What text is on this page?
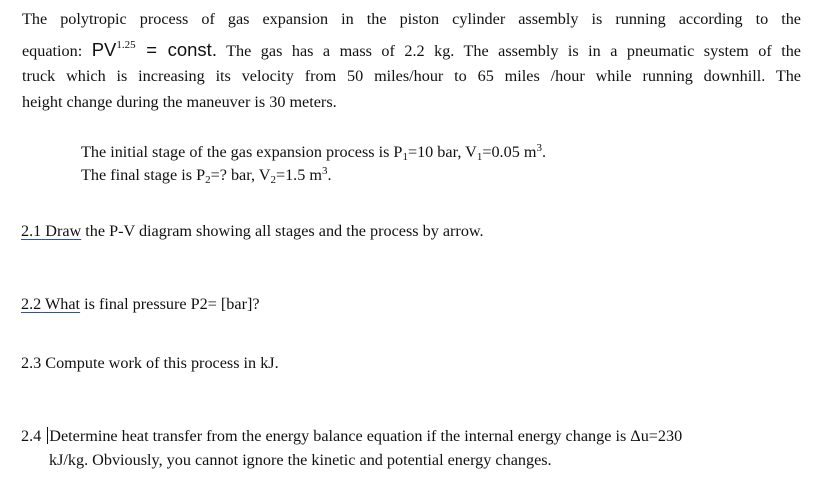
The polytropic process of gas expansion in the piston cylinder assembly is running according to the
equation: $PV^{1.25}$ = const. The gas has a mass of 2.2 kg. The assembly is in a pneumatic system of the
truck which is increasing its velocity from 50 miles/hour to 65 miles /hour while running downhill. The
height change during the maneuver is 30 meters.
The initial stage of the gas expansion process is $P_1=10$ bar, $V_1=0.05$ $m^3$.
The final stage is $P_2=$? bar, $V_2=1.5$ $m^3$.
2.1 Draw the P-V diagram showing all stages and the process by arrow.
2.2 What is final pressure P2= [bar]?
2.3 Compute work of this process in kJ.
2.4 Determine heat transfer from the energy balance equation if the internal energy change is Δu=230
kJ/kg. Obviously, you cannot ignore the kinetic and potential energy changes.
